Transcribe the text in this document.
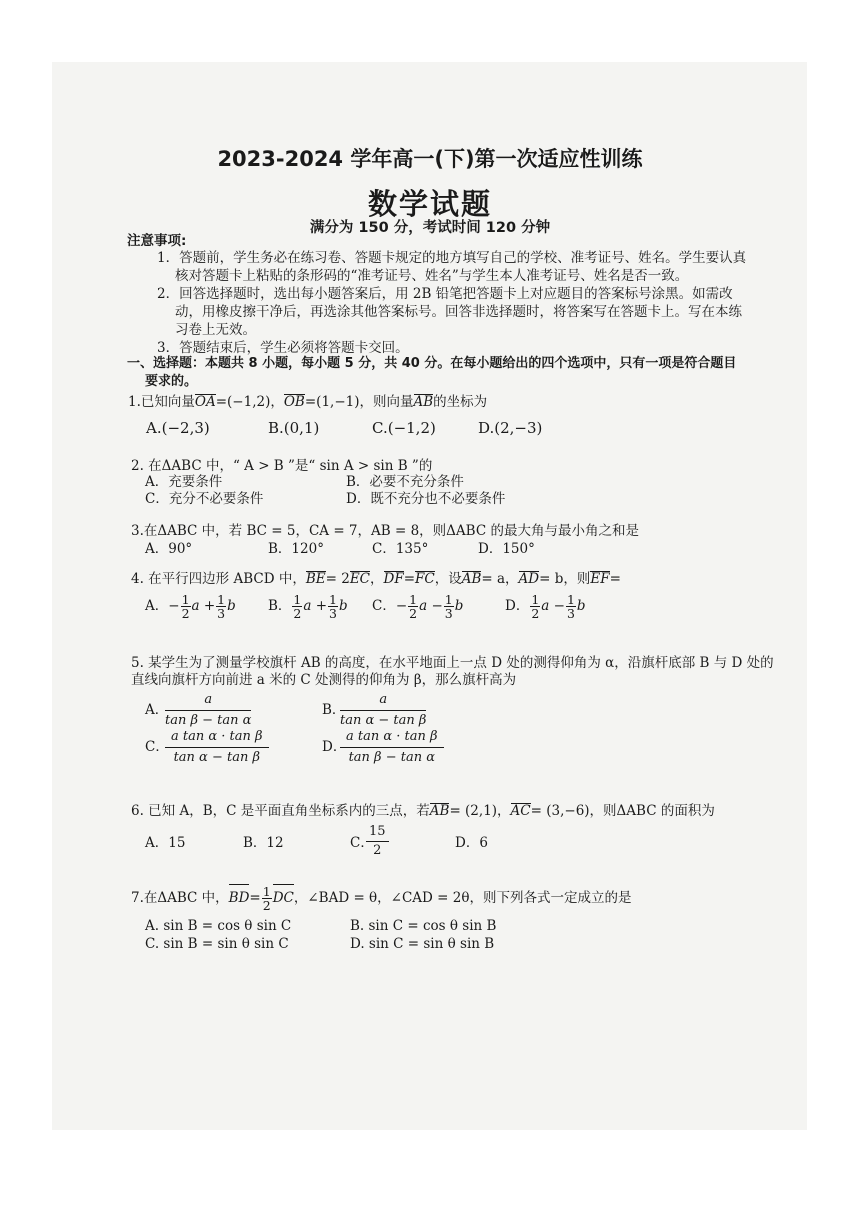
2023-2024 学年高一(下)第一次适应性训练
数学试题
满分为 150 分，考试时间 120 分钟
注意事项:
1．答题前，学生务必在练习卷、答题卡规定的地方填写自己的学校、准考证号、姓名。学生要认真
核对答题卡上粘贴的条形码的“准考证号、姓名”与学生本人准考证号、姓名是否一致。
2．回答选择题时，选出每小题答案后，用 2B 铅笔把答题卡上对应题目的答案标号涂黑。如需改
动，用橡皮擦干净后，再选涂其他答案标号。回答非选择题时，将答案写在答题卡上。写在本练
习卷上无效。
3．答题结束后，学生必须将答题卡交回。
一、选择题：本题共 8 小题，每小题 5 分，共 40 分。在每小题给出的四个选项中，只有一项是符合题目
要求的。
1.已知向量OA=(−1,2)，OB=(1,−1)，则向量AB的坐标为
A.(−2,3)	B.(0,1)	C.(−1,2)	D.(2,−3)
2. 在ΔABC 中，“ A > B ”是“ sin A > sin B ”的
A．充要条件	B．必要不充分条件
C．充分不必要条件	D．既不充分也不必要条件
3.在ΔABC 中，若 BC = 5，CA = 7，AB = 8，则ΔABC 的最大角与最小角之和是
A．90°	B．120°	C．135°	D．150°
4. 在平行四边形 ABCD 中，BE= 2EC，DF=FC，设AB= a，AD= b，则EF=
A．− $\frac{1}{2}$ $a + \frac{1}{3}$ b B． $\frac{1}{2}$ $a + \frac{1}{3}$ b C．− $\frac{1}{2}$ $a - \frac{1}{3}$ b	D． $\frac{1}{2}$ $a - \frac{1}{3}$ b
5. 某学生为了测量学校旗杆 AB 的高度，在水平地面上一点 D 处的测得仰角为 α，沿旗杆底部 B 与 D 处的
直线向旗杆方向前进 a 米的 C 处测得的仰角为 β，那么旗杆高为
A．
$\frac{a}{\text{tan β − tan α}}$	B．
$\frac{a}{\text{tan α − tan β}}$
C．
$\frac{\text{a tan α · tan β}}{\text{tan α − tan β}}$	D．
$\frac{\text{a tan α · tan β}}{\text{tan β − tan α}}$
6. 已知 A，B，C 是平面直角坐标系内的三点，若AB= (2,1)，AC= (3,−6)，则ΔABC 的面积为
A．15	B．12	C．
$\frac{15}{2}$	D．6
7.在ΔABC 中，$BD= \frac{1}{2}$ DC，∠BAD = θ，∠CAD = 2θ，则下列各式一定成立的是
A. sin B = cos θ sin C	B. sin C = cos θ sin B
C. sin B = sin θ sin C	D. sin C = sin θ sin B
